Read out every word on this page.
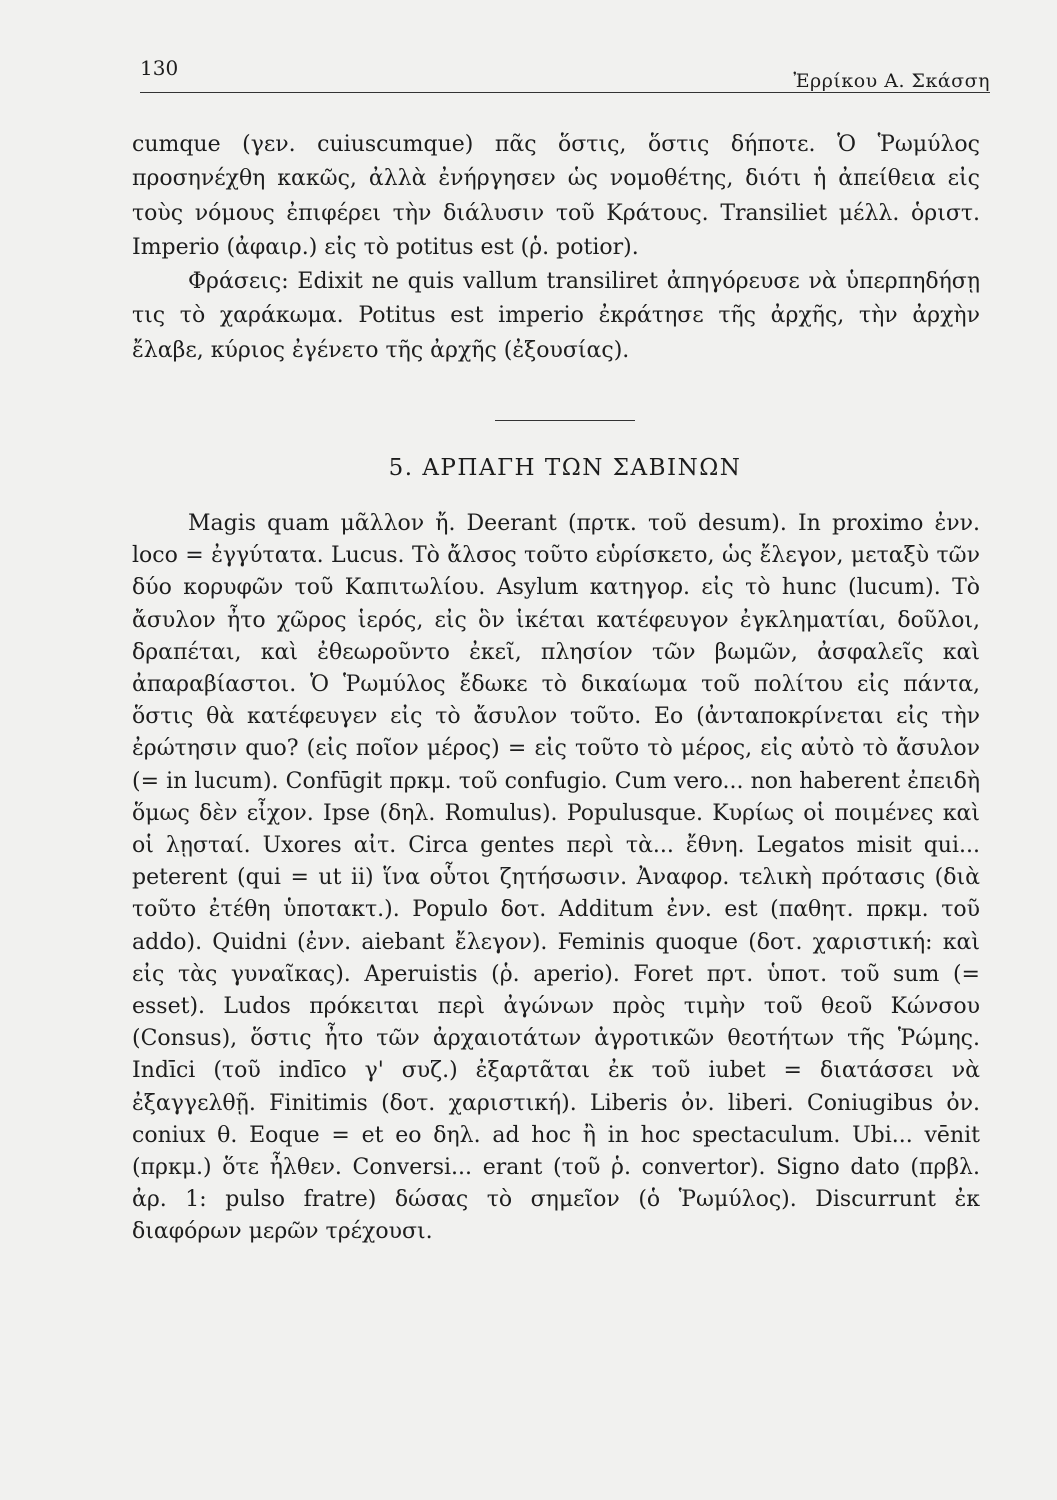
130
Ἐρρίκου Α. Σκάσση

cumque (γεν. cuiuscumque) πᾶς ὅστις, ὅστις δήποτε. Ὁ Ῥωμύλος προσηνέχθη κακῶς, ἀλλὰ ἐνήργησεν ὡς νομοθέτης, διότι ἡ ἀπείθεια εἰς τοὺς νόμους ἐπιφέρει τὴν διάλυσιν τοῦ Κράτους. Transiliet μέλλ. ὁριστ. Imperio (ἀφαιρ.) εἰς τὸ potitus est (ῥ. potior).

Φράσεις: Edixit ne quis vallum transiliret ἀπηγόρευσε νὰ ὑπερπηδήσῃ τις τὸ χαράκωμα. Potitus est imperio ἐκράτησε τῆς ἀρχῆς, τὴν ἀρχὴν ἔλαβε, κύριος ἐγένετο τῆς ἀρχῆς (ἐξουσίας).

5. ΑΡΠΑΓΗ ΤΩΝ ΣΑΒΙΝΩΝ

Magis quam μᾶλλον ἤ. Deerant (πρτκ. τοῦ desum). In proximo ἐνν. loco = ἐγγύτατα. Lucus. Τὸ ἄλσος τοῦτο εὑρίσκετο, ὡς ἔλεγον, μεταξὺ τῶν δύο κορυφῶν τοῦ Καπιτωλίου. Asylum κατηγορ. εἰς τὸ hunc (lucum). Τὸ ἄσυλον ἦτο χῶρος ἱερός, εἰς ὃν ἱκέται κατέφευγον ἐγκληματίαι, δοῦλοι, δραπέται, καὶ ἐθεωροῦντο ἐκεῖ, πλησίον τῶν βωμῶν, ἀσφαλεῖς καὶ ἀπαραβίαστοι. Ὁ Ῥωμύλος ἔδωκε τὸ δικαίωμα τοῦ πολίτου εἰς πάντα, ὅστις θὰ κατέφευγεν εἰς τὸ ἄσυλον τοῦτο. Eo (ἀνταποκρίνεται εἰς τὴν ἐρώτησιν quo? (εἰς ποῖον μέρος) = εἰς τοῦτο τὸ μέρος, εἰς αὐτὸ τὸ ἄσυλον (= in lucum). Confūgit πρκμ. τοῦ confugio. Cum vero... non haberent ἐπειδὴ ὅμως δὲν εἶχον. Ipse (δηλ. Romulus). Populusque. Κυρίως οἱ ποιμένες καὶ οἱ λῃσταί. Uxores αἰτ. Circa gentes περὶ τὰ... ἔθνη. Legatos misit qui... peterent (qui = ut ii) ἵνα οὗτοι ζητήσωσιν. Ἀναφορ. τελικὴ πρότασις (διὰ τοῦτο ἐτέθη ὑποτακτ.). Populo δοτ. Additum ἐνν. est (παθητ. πρκμ. τοῦ addo). Quidni (ἐνν. aiebant ἔλεγον). Feminis quoque (δοτ. χαριστική: καὶ εἰς τὰς γυναῖκας). Aperuistis (ῥ. aperio). Foret πρτ. ὑποτ. τοῦ sum (= esset). Ludos πρόκειται περὶ ἀγώνων πρὸς τιμὴν τοῦ θεοῦ Κώνσου (Consus), ὅστις ἦτο τῶν ἀρχαιοτάτων ἀγροτικῶν θεοτήτων τῆς Ῥώμης. Indīci (τοῦ indīco γ' συζ.) ἐξαρτᾶται ἐκ τοῦ iubet = διατάσσει νὰ ἐξαγγελθῇ. Finitimis (δοτ. χαριστική). Liberis ὀν. liberi. Coniugibus ὀν. coniux θ. Eoque = et eo δηλ. ad hoc ἢ in hoc spectaculum. Ubi... vēnit (πρκμ.) ὅτε ἦλθεν. Conversi... erant (τοῦ ῥ. convertor). Signo dato (πρβλ. ἀρ. 1: pulso fratre) δώσας τὸ σημεῖον (ὁ Ῥωμύλος). Discurrunt ἐκ διαφόρων μερῶν τρέχουσι.
